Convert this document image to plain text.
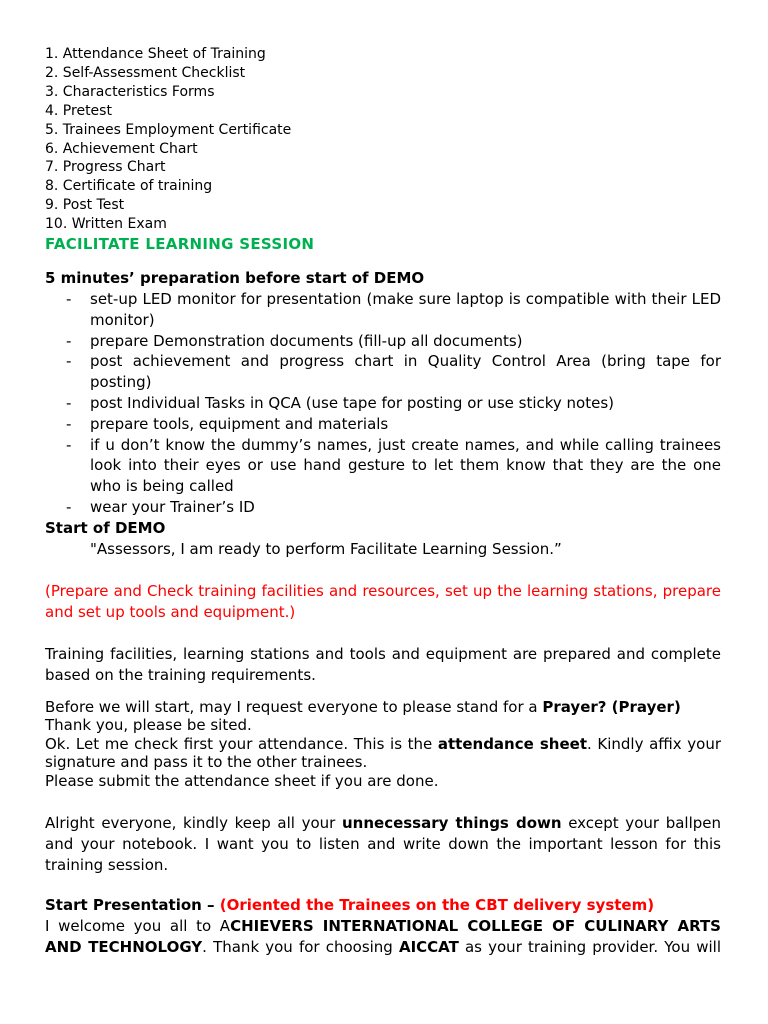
1. Attendance Sheet of Training
2. Self-Assessment Checklist
3. Characteristics Forms
4. Pretest
5. Trainees Employment Certificate
6. Achievement Chart
7. Progress Chart
8. Certificate of training
9. Post Test
10. Written Exam
FACILITATE LEARNING SESSION
5 minutes’ preparation before start of DEMO
- set-up LED monitor for presentation (make sure laptop is compatible with their LED monitor)
- prepare Demonstration documents (fill-up all documents)
- post achievement and progress chart in Quality Control Area (bring tape for posting)
- post Individual Tasks in QCA (use tape for posting or use sticky notes)
- prepare tools, equipment and materials
- if u don’t know the dummy’s names, just create names, and while calling trainees look into their eyes or use hand gesture to let them know that they are the one who is being called
- wear your Trainer’s ID
Start of DEMO
"Assessors, I am ready to perform Facilitate Learning Session.”
(Prepare and Check training facilities and resources, set up the learning stations, prepare and set up tools and equipment.)
Training facilities, learning stations and tools and equipment are prepared and complete based on the training requirements.
Before we will start, may I request everyone to please stand for a Prayer? (Prayer)
Thank you, please be sited.
Ok. Let me check first your attendance. This is the attendance sheet. Kindly affix your signature and pass it to the other trainees.
Please submit the attendance sheet if you are done.
Alright everyone, kindly keep all your unnecessary things down except your ballpen and your notebook. I want you to listen and write down the important lesson for this training session.
Start Presentation – (Oriented the Trainees on the CBT delivery system)
I welcome you all to ACHIEVERS INTERNATIONAL COLLEGE OF CULINARY ARTS AND TECHNOLOGY. Thank you for choosing AICCAT as your training provider. You will
